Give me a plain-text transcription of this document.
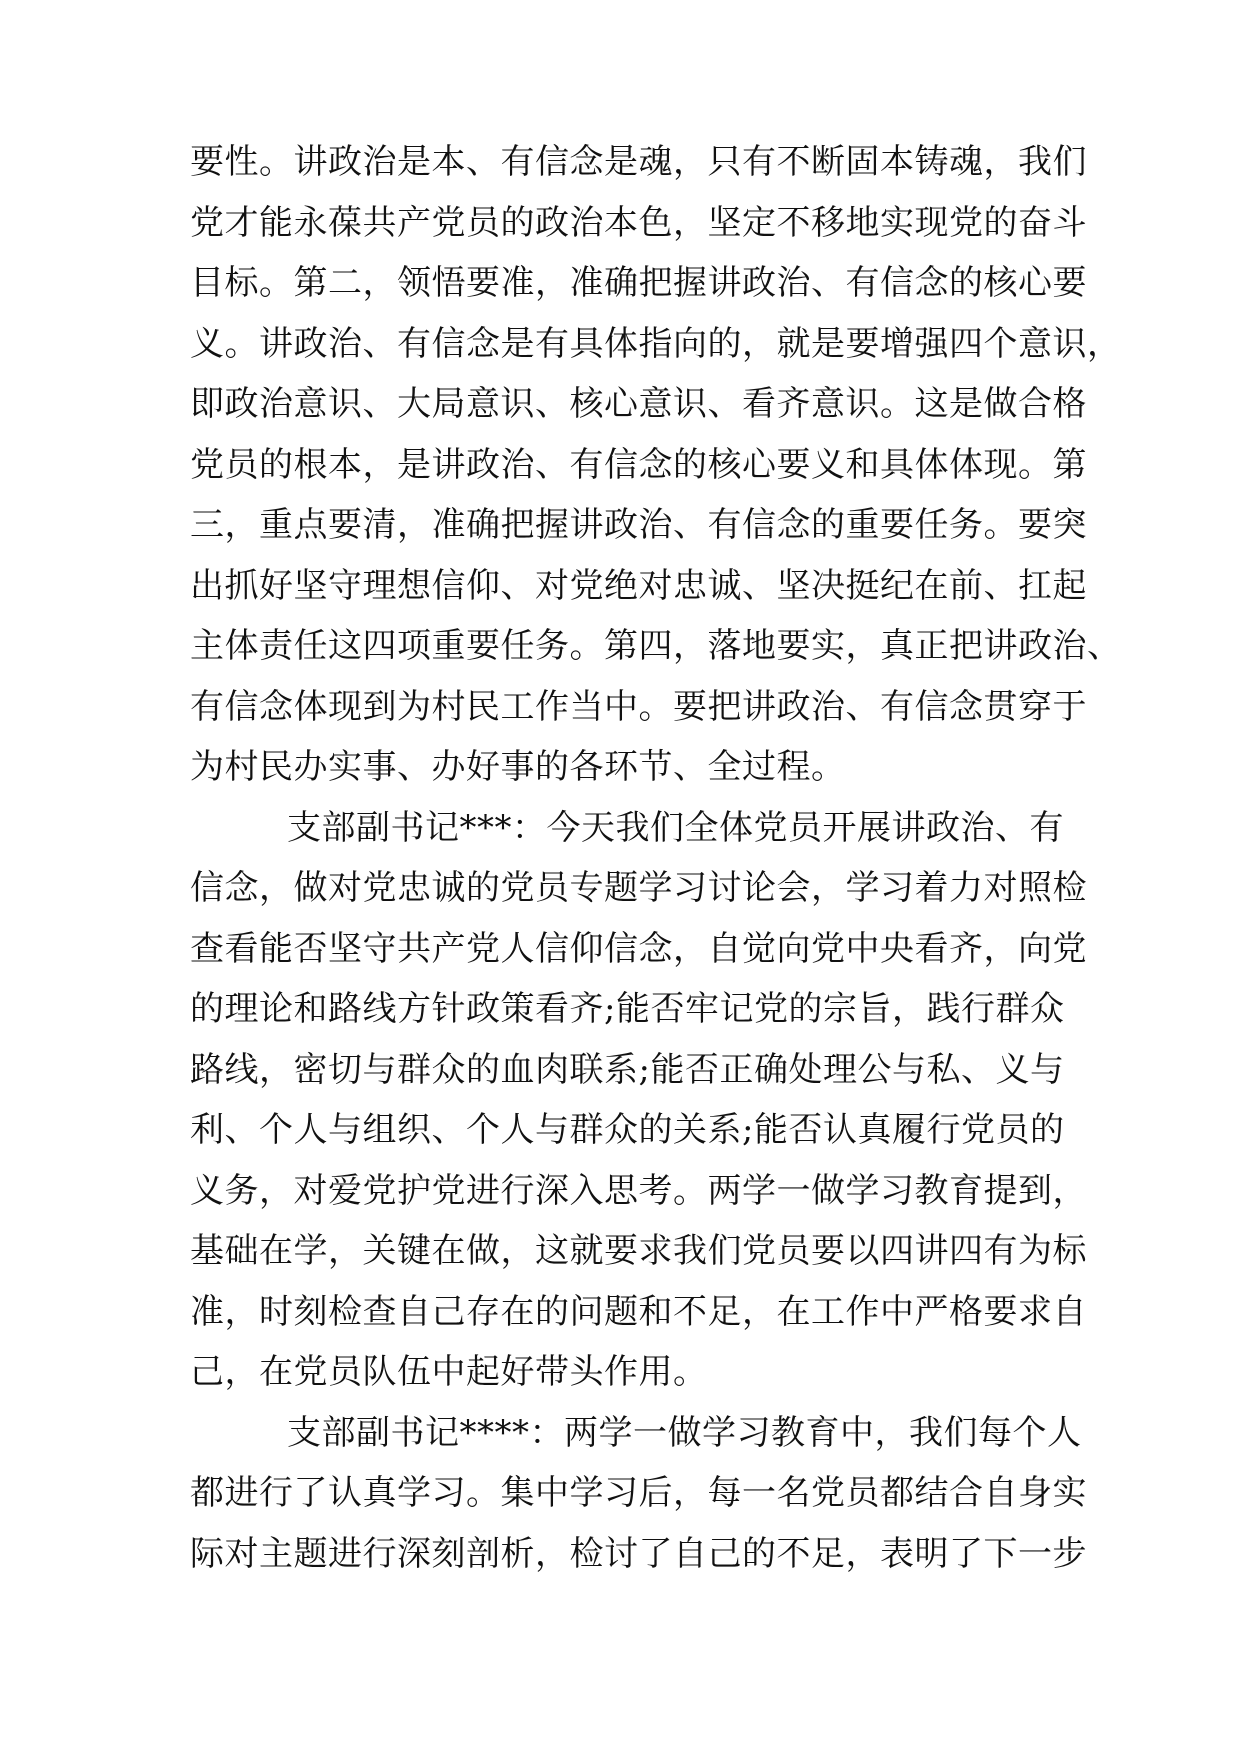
要性。讲政治是本、有信念是魂，只有不断固本铸魂，我们
党才能永葆共产党员的政治本色，坚定不移地实现党的奋斗
目标。第二，领悟要准，准确把握讲政治、有信念的核心要
义。讲政治、有信念是有具体指向的，就是要增强四个意识，
即政治意识、大局意识、核心意识、看齐意识。这是做合格
党员的根本，是讲政治、有信念的核心要义和具体体现。第
三，重点要清，准确把握讲政治、有信念的重要任务。要突
出抓好坚守理想信仰、对党绝对忠诚、坚决挺纪在前、扛起
主体责任这四项重要任务。第四，落地要实，真正把讲政治、
有信念体现到为村民工作当中。要把讲政治、有信念贯穿于
为村民办实事、办好事的各环节、全过程。
支部副书记***：今天我们全体党员开展讲政治、有
信念，做对党忠诚的党员专题学习讨论会，学习着力对照检
查看能否坚守共产党人信仰信念，自觉向党中央看齐，向党
的理论和路线方针政策看齐;能否牢记党的宗旨，践行群众
路线，密切与群众的血肉联系;能否正确处理公与私、义与
利、个人与组织、个人与群众的关系;能否认真履行党员的
义务，对爱党护党进行深入思考。两学一做学习教育提到，
基础在学，关键在做，这就要求我们党员要以四讲四有为标
准，时刻检查自己存在的问题和不足，在工作中严格要求自
己，在党员队伍中起好带头作用。
支部副书记****：两学一做学习教育中，我们每个人
都进行了认真学习。集中学习后，每一名党员都结合自身实
际对主题进行深刻剖析，检讨了自己的不足，表明了下一步
